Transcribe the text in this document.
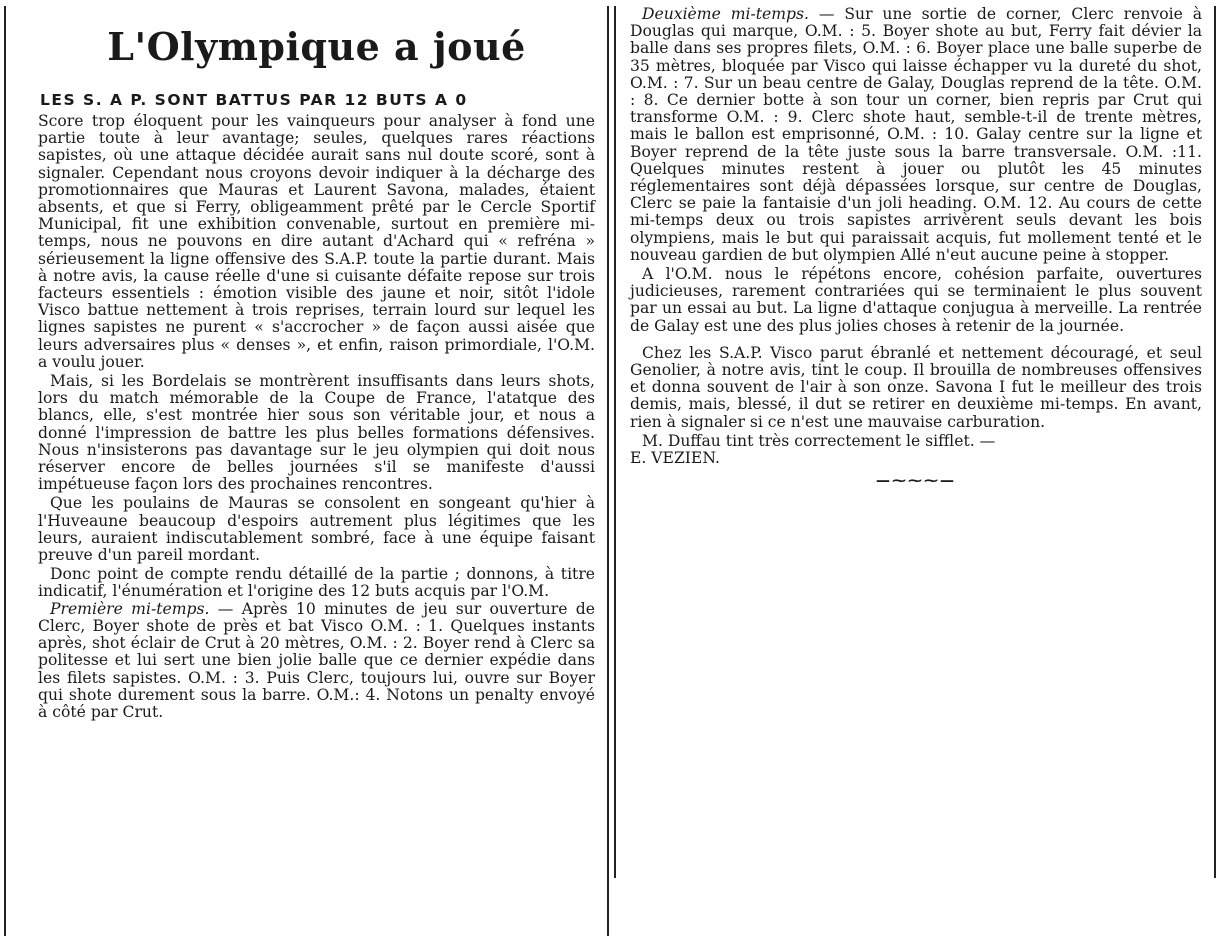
L'Olympique a joué
LES S. A P. SONT BATTUS PAR 12 BUTS A 0

Score trop éloquent pour les vainqueurs pour analyser à fond une partie toute à leur avantage; seules, quelques rares réactions sapistes, où une attaque décidée aurait sans nul doute scoré, sont à signaler. Cependant nous croyons devoir indiquer à la décharge des promotionnaires que Mauras et Laurent Savona, malades, étaient absents, et que si Ferry, obligeamment prêté par le Cercle Sportif Municipal, fit une exhibition convenable, surtout en première mi-temps, nous ne pouvons en dire autant d'Achard qui « refréna » sérieusement la ligne offensive des S.A.P. toute la partie durant. Mais à notre avis, la cause réelle d'une si cuisante défaite repose sur trois facteurs essentiels : émotion visible des jaune et noir, sitôt l'idole Visco battue nettement à trois reprises, terrain lourd sur lequel les lignes sapistes ne purent « s'accrocher » de façon aussi aisée que leurs adversaires plus « denses », et enfin, raison primordiale, l'O.M. a voulu jouer.

Mais, si les Bordelais se montrèrent insuffisants dans leurs shots, lors du match mémorable de la Coupe de France, l'atatque des blancs, elle, s'est montrée hier sous son véritable jour, et nous a donné l'impression de battre les plus belles formations défensives. Nous n'insisterons pas davantage sur le jeu olympien qui doit nous réserver encore de belles journées s'il se manifeste d'aussi impétueuse façon lors des prochaines rencontres.

Que les poulains de Mauras se consolent en songeant qu'hier à l'Huveaune beaucoup d'espoirs autrement plus légitimes que les leurs, auraient indiscutablement sombré, face à une équipe faisant preuve d'un pareil mordant.

Donc point de compte rendu détaillé de la partie ; donnons, à titre indicatif, l'énumération et l'origine des 12 buts acquis par l'O.M.

Première mi-temps. — Après 10 minutes de jeu sur ouverture de Clerc, Boyer shote de près et bat Visco O.M. : 1. Quelques instants après, shot éclair de Crut à 20 mètres, O.M. : 2. Boyer rend à Clerc sa politesse et lui sert une bien jolie balle que ce dernier expédie dans les filets sapistes. O.M. : 3. Puis Clerc, toujours lui, ouvre sur Boyer qui shote durement sous la barre. O.M.: 4. Notons un penalty envoyé à côté par Crut.

Deuxième mi-temps. — Sur une sortie de corner, Clerc renvoie à Douglas qui marque, O.M. : 5. Boyer shote au but, Ferry fait dévier la balle dans ses propres filets, O.M. : 6. Boyer place une balle superbe de 35 mètres, bloquée par Visco qui laisse échapper vu la dureté du shot, O.M. : 7. Sur un beau centre de Galay, Douglas reprend de la tête. O.M. : 8. Ce dernier botte à son tour un corner, bien repris par Crut qui transforme O.M. : 9. Clerc shote haut, semble-t-il de trente mètres, mais le ballon est emprisonné, O.M. : 10. Galay centre sur la ligne et Boyer reprend de la tête juste sous la barre transversale. O.M. :11. Quelques minutes restent à jouer ou plutôt les 45 minutes réglementaires sont déjà dépassées lorsque, sur centre de Douglas, Clerc se paie la fantaisie d'un joli heading. O.M. 12. Au cours de cette mi-temps deux ou trois sapistes arrivèrent seuls devant les bois olympiens, mais le but qui paraissait acquis, fut mollement tenté et le nouveau gardien de but olympien Allé n'eut aucune peine à stopper.

A l'O.M. nous le répétons encore, cohésion parfaite, ouvertures judicieuses, rarement contrariées qui se terminaient le plus souvent par un essai au but. La ligne d'attaque conjugua à merveille. La rentrée de Galay est une des plus jolies choses à retenir de la journée.

Chez les S.A.P. Visco parut ébranlé et nettement découragé, et seul Genolier, à notre avis, tint le coup. Il brouilla de nombreuses offensives et donna souvent de l'air à son onze. Savona I fut le meilleur des trois demis, mais, blessé, il dut se retirer en deuxième mi-temps. En avant, rien à signaler si ce n'est une mauvaise carburation.

M. Duffau tint très correctement le sifflet. —

E. VEZIEN.

—⁓⁓⁓—
